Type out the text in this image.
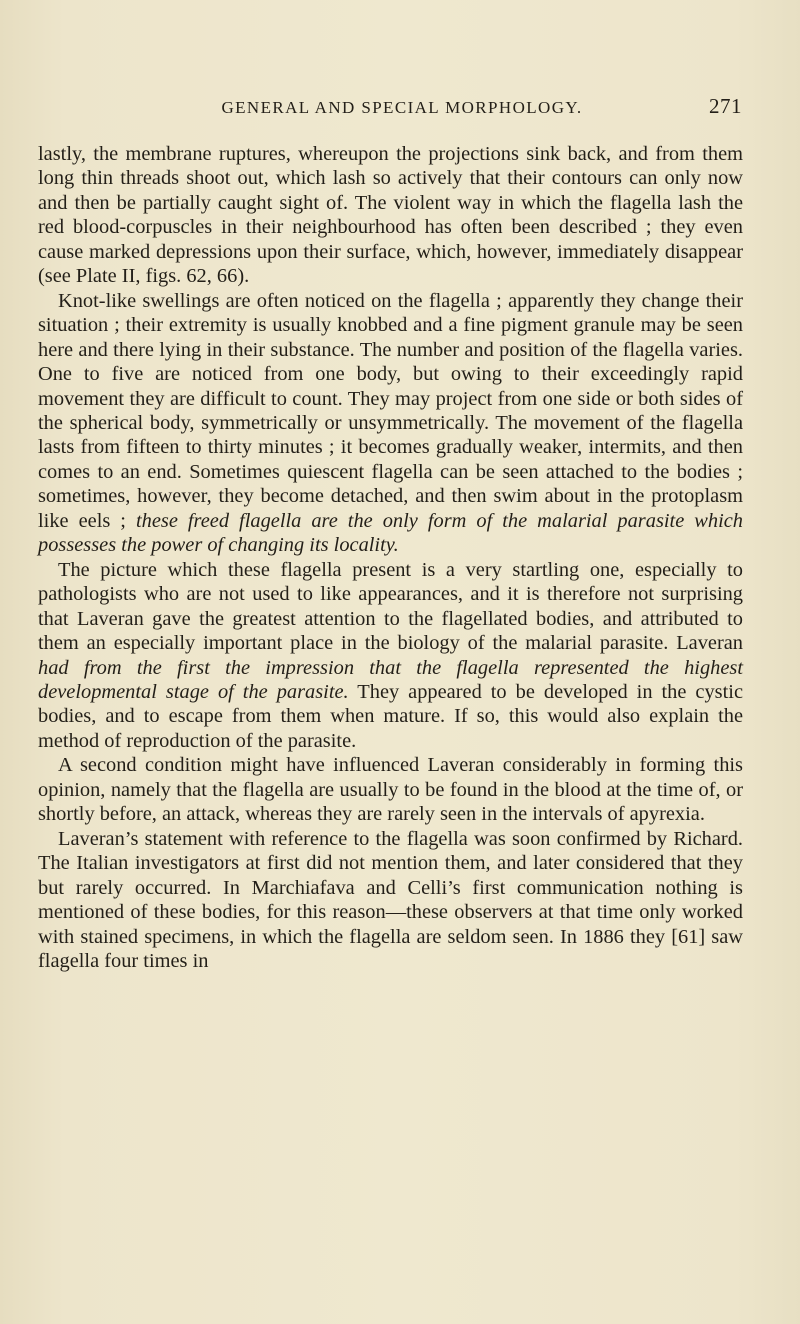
GENERAL AND SPECIAL MORPHOLOGY.	271

lastly, the membrane ruptures, whereupon the projections sink back, and from them long thin threads shoot out, which lash so actively that their contours can only now and then be partially caught sight of. The violent way in which the flagella lash the red blood-corpuscles in their neighbourhood has often been described ; they even cause marked depressions upon their surface, which, however, immediately disappear (see Plate II, figs. 62, 66).

Knot-like swellings are often noticed on the flagella ; apparently they change their situation ; their extremity is usually knobbed and a fine pigment granule may be seen here and there lying in their substance. The number and position of the flagella varies. One to five are noticed from one body, but owing to their exceedingly rapid movement they are difficult to count. They may project from one side or both sides of the spherical body, symmetrically or unsymmetrically. The movement of the flagella lasts from fifteen to thirty minutes ; it becomes gradually weaker, intermits, and then comes to an end. Sometimes quiescent flagella can be seen attached to the bodies ; sometimes, however, they become detached, and then swim about in the protoplasm like eels ; these freed flagella are the only form of the malarial parasite which possesses the power of changing its locality.

The picture which these flagella present is a very startling one, especially to pathologists who are not used to like appearances, and it is therefore not surprising that Laveran gave the greatest attention to the flagellated bodies, and attributed to them an especially important place in the biology of the malarial parasite. Laveran had from the first the impression that the flagella represented the highest developmental stage of the parasite. They appeared to be developed in the cystic bodies, and to escape from them when mature. If so, this would also explain the method of reproduction of the parasite.

A second condition might have influenced Laveran considerably in forming this opinion, namely that the flagella are usually to be found in the blood at the time of, or shortly before, an attack, whereas they are rarely seen in the intervals of apyrexia.

Laveran’s statement with reference to the flagella was soon confirmed by Richard. The Italian investigators at first did not mention them, and later considered that they but rarely occurred. In Marchiafava and Celli’s first communication nothing is mentioned of these bodies, for this reason—these observers at that time only worked with stained specimens, in which the flagella are seldom seen. In 1886 they [61] saw flagella four times in
